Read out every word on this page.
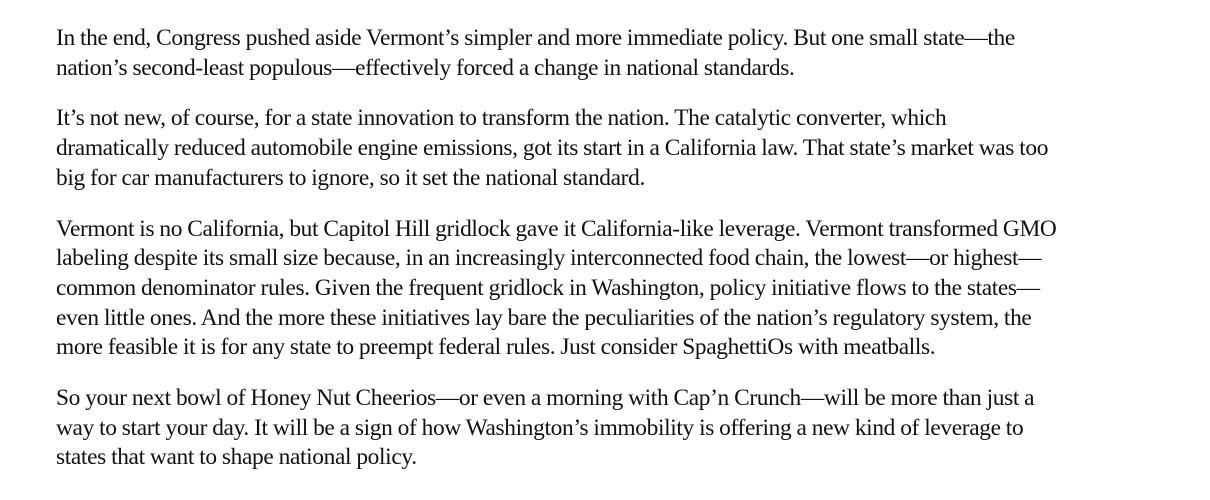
In the end, Congress pushed aside Vermont’s simpler and more immediate policy. But one small state—the
nation’s second-least populous—effectively forced a change in national standards.

It’s not new, of course, for a state innovation to transform the nation. The catalytic converter, which
dramatically reduced automobile engine emissions, got its start in a California law. That state’s market was too
big for car manufacturers to ignore, so it set the national standard.

Vermont is no California, but Capitol Hill gridlock gave it California-like leverage. Vermont transformed GMO
labeling despite its small size because, in an increasingly interconnected food chain, the lowest—or highest—
common denominator rules. Given the frequent gridlock in Washington, policy initiative flows to the states—
even little ones. And the more these initiatives lay bare the peculiarities of the nation’s regulatory system, the
more feasible it is for any state to preempt federal rules. Just consider SpaghettiOs with meatballs.

So your next bowl of Honey Nut Cheerios—or even a morning with Cap’n Crunch—will be more than just a
way to start your day. It will be a sign of how Washington’s immobility is offering a new kind of leverage to
states that want to shape national policy.
